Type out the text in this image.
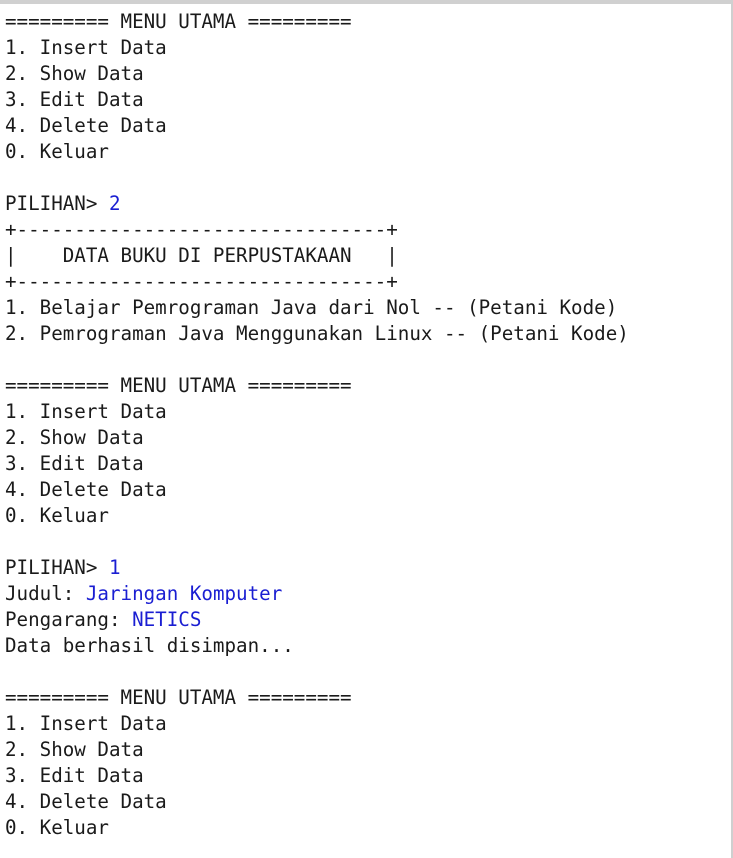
========= MENU UTAMA =========
1. Insert Data
2. Show Data
3. Edit Data
4. Delete Data
0. Keluar
PILIHAN> 2
+--------------------------------+
|    DATA BUKU DI PERPUSTAKAAN   |
+--------------------------------+
1. Belajar Pemrograman Java dari Nol -- (Petani Kode)
2. Pemrograman Java Menggunakan Linux -- (Petani Kode)
========= MENU UTAMA =========
1. Insert Data
2. Show Data
3. Edit Data
4. Delete Data
0. Keluar
PILIHAN> 1
Judul: Jaringan Komputer
Pengarang: NETICS
Data berhasil disimpan...
========= MENU UTAMA =========
1. Insert Data
2. Show Data
3. Edit Data
4. Delete Data
0. Keluar
